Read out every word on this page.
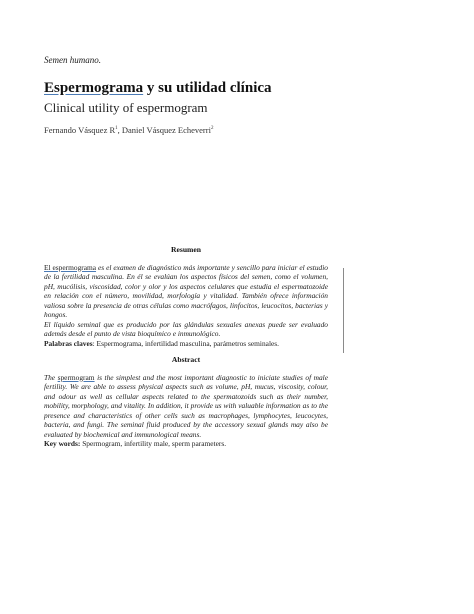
Semen humano.
Espermograma y su utilidad clínica
Clinical utility of espermogram
Fernando Vásquez $R^1$, Daniel Vásquez Echeverri$^2$
Resumen
El espermograma es el examen de diagnóstico más importante y sencillo para iniciar el estudio de la fertilidad masculina. En él se evalúan los aspectos físicos del semen, como el volumen, pH, mucólisis, viscosidad, color y olor y los aspectos celulares que estudia el espermatozoide en relación con el número, movilidad, morfología y vitalidad. También ofrece información valiosa sobre la presencia de otras células como macrófagos, linfocitos, leucocitos, bacterias y hongos.
El líquido seminal que es producido por las glándulas sexuales anexas puede ser evaluado además desde el punto de vista bioquímico e inmunológico.
Palabras claves: Espermograma, infertilidad masculina, parámetros seminales.
Abstract
The spermogram is the simplest and the most important diagnostic to iniciate studies of male fertility. We are able to assess physical aspects such as volume, pH, mucus, viscosity, colour, and odour as well as cellular aspects related to the spermatozoids such as their number, mobility, morphology, and vitality. In addition, it provide us with valuable information as to the presence and characteristics of other cells such as macrophages, lymphocytes, leucocytes, bacteria, and fungi. The seminal fluid produced by the accessory sexual glands may also be evaluated by biochemical and immunological means.
Key words: Spermogram, infertility male, sperm parameters.
